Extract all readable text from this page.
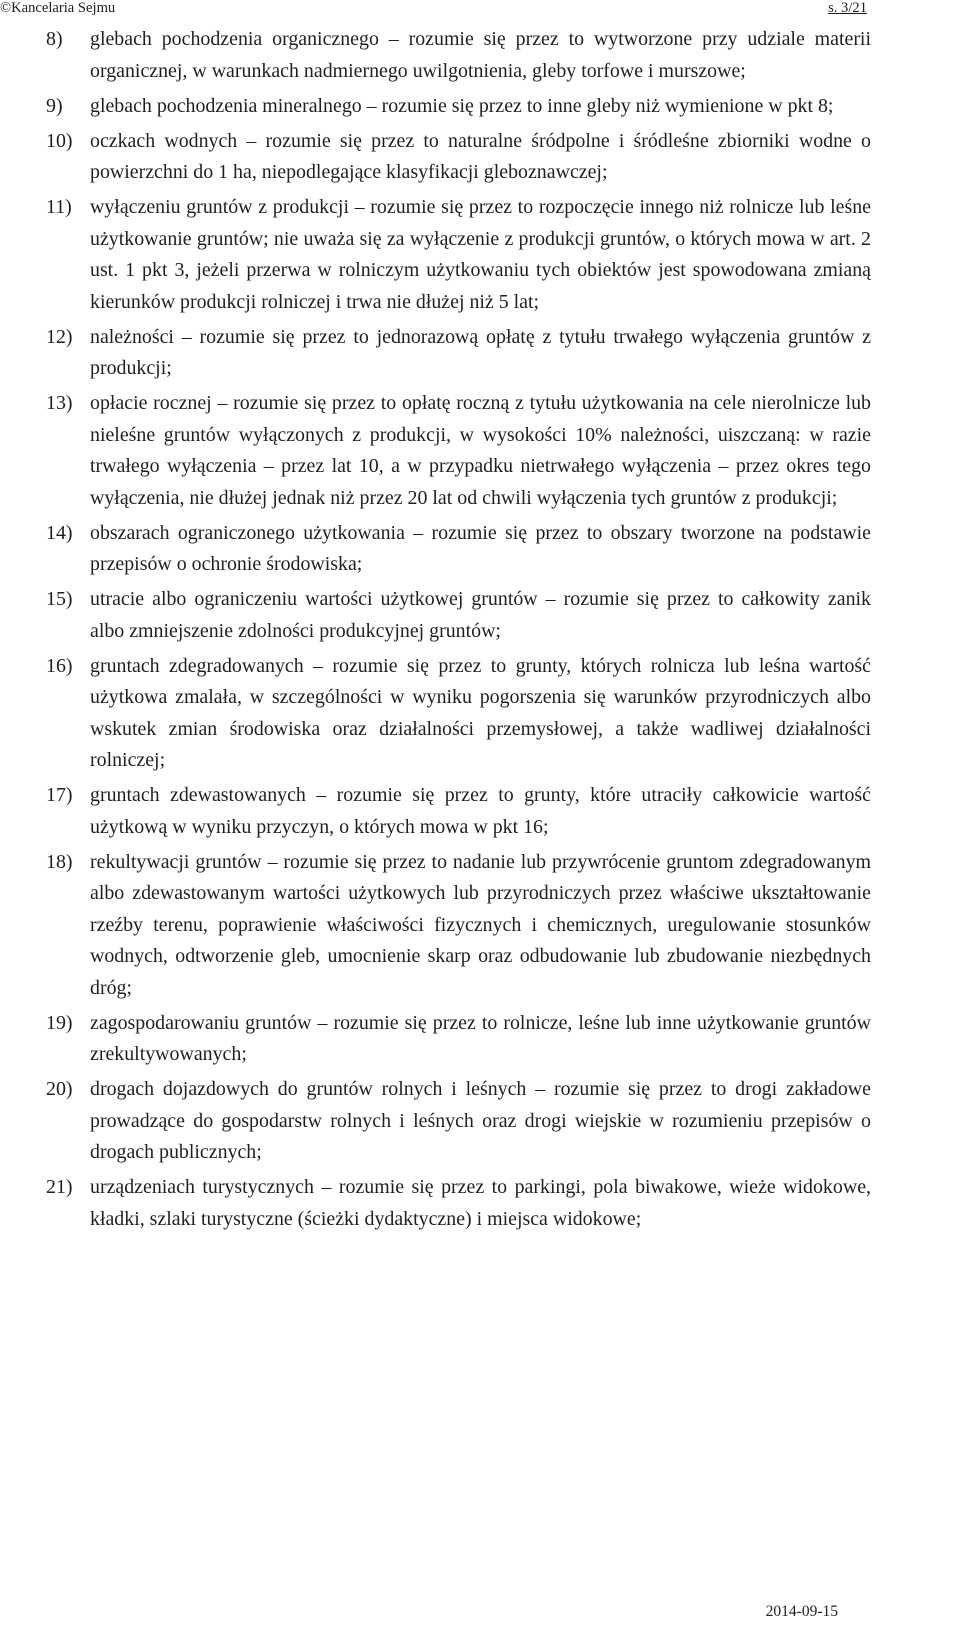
©Kancelaria Sejmu	s. 3/21
8) glebach pochodzenia organicznego – rozumie się przez to wytworzone przy udziale materii organicznej, w warunkach nadmiernego uwilgotnienia, gleby torfowe i murszowe;
9) glebach pochodzenia mineralnego – rozumie się przez to inne gleby niż wymienione w pkt 8;
10) oczkach wodnych – rozumie się przez to naturalne śródpolne i śródleśne zbiorniki wodne o powierzchni do 1 ha, niepodlegające klasyfikacji gleboznawczej;
11) wyłączeniu gruntów z produkcji – rozumie się przez to rozpoczęcie innego niż rolnicze lub leśne użytkowanie gruntów; nie uważa się za wyłączenie z produkcji gruntów, o których mowa w art. 2 ust. 1 pkt 3, jeżeli przerwa w rolniczym użytkowaniu tych obiektów jest spowodowana zmianą kierunków produkcji rolniczej i trwa nie dłużej niż 5 lat;
12) należności – rozumie się przez to jednorazową opłatę z tytułu trwałego wyłączenia gruntów z produkcji;
13) opłacie rocznej – rozumie się przez to opłatę roczną z tytułu użytkowania na cele nierolnicze lub nieleśne gruntów wyłączonych z produkcji, w wysokości 10% należności, uiszczaną: w razie trwałego wyłączenia – przez lat 10, a w przypadku nietrwałego wyłączenia – przez okres tego wyłączenia, nie dłużej jednak niż przez 20 lat od chwili wyłączenia tych gruntów z produkcji;
14) obszarach ograniczonego użytkowania – rozumie się przez to obszary tworzone na podstawie przepisów o ochronie środowiska;
15) utracie albo ograniczeniu wartości użytkowej gruntów – rozumie się przez to całkowity zanik albo zmniejszenie zdolności produkcyjnej gruntów;
16) gruntach zdegradowanych – rozumie się przez to grunty, których rolnicza lub leśna wartość użytkowa zmalała, w szczególności w wyniku pogorszenia się warunków przyrodniczych albo wskutek zmian środowiska oraz działalności przemysłowej, a także wadliwej działalności rolniczej;
17) gruntach zdewastowanych – rozumie się przez to grunty, które utraciły całkowicie wartość użytkową w wyniku przyczyn, o których mowa w pkt 16;
18) rekultywacji gruntów – rozumie się przez to nadanie lub przywrócenie gruntom zdegradowanym albo zdewastowanym wartości użytkowych lub przyrodniczych przez właściwe ukształtowanie rzeźby terenu, poprawienie właściwości fizycznych i chemicznych, uregulowanie stosunków wodnych, odtworzenie gleb, umocnienie skarp oraz odbudowanie lub zbudowanie niezbędnych dróg;
19) zagospodarowaniu gruntów – rozumie się przez to rolnicze, leśne lub inne użytkowanie gruntów zrekultywowanych;
20) drogach dojazdowych do gruntów rolnych i leśnych – rozumie się przez to drogi zakładowe prowadzące do gospodarstw rolnych i leśnych oraz drogi wiejskie w rozumieniu przepisów o drogach publicznych;
21) urządzeniach turystycznych – rozumie się przez to parkingi, pola biwakowe, wieże widokowe, kładki, szlaki turystyczne (ścieżki dydaktyczne) i miejsca widokowe;
2014-09-15
